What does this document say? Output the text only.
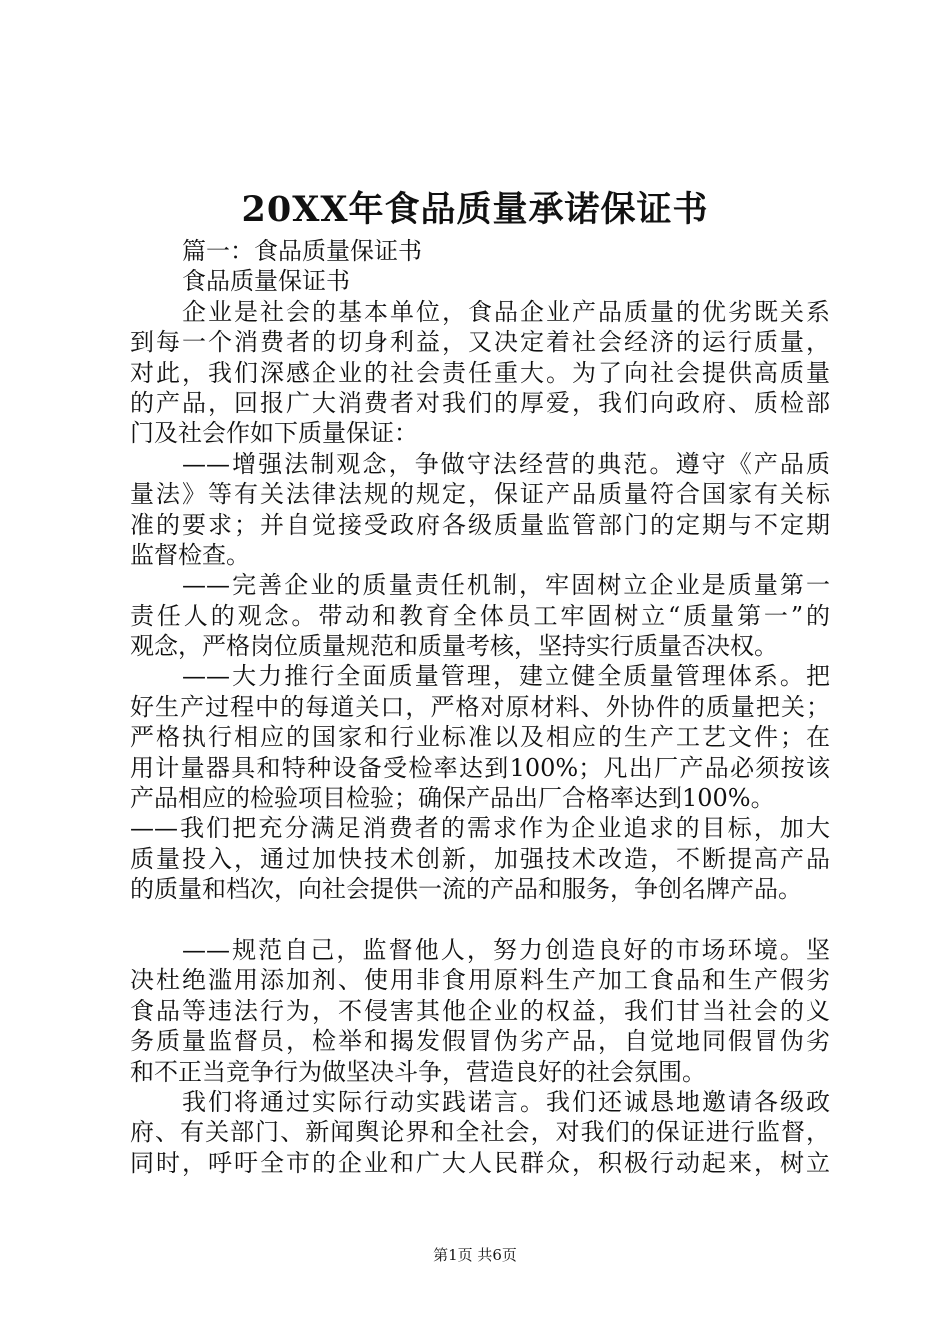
20XX年食品质量承诺保证书
篇一：食品质量保证书
食品质量保证书
企业是社会的基本单位，食品企业产品质量的优劣既关系
到每一个消费者的切身利益，又决定着社会经济的运行质量，
对此，我们深感企业的社会责任重大。为了向社会提供高质量
的产品，回报广大消费者对我们的厚爱，我们向政府、质检部
门及社会作如下质量保证：
——增强法制观念，争做守法经营的典范。遵守《产品质
量法》等有关法律法规的规定，保证产品质量符合国家有关标
准的要求；并自觉接受政府各级质量监管部门的定期与不定期
监督检查。
——完善企业的质量责任机制，牢固树立企业是质量第一
责任人的观念。带动和教育全体员工牢固树立“质量第一”的
观念，严格岗位质量规范和质量考核，坚持实行质量否决权。
——大力推行全面质量管理，建立健全质量管理体系。把
好生产过程中的每道关口，严格对原材料、外协件的质量把关；
严格执行相应的国家和行业标准以及相应的生产工艺文件；在
用计量器具和特种设备受检率达到100%；凡出厂产品必须按该
产品相应的检验项目检验；确保产品出厂合格率达到100%。
——我们把充分满足消费者的需求作为企业追求的目标，加大
质量投入，通过加快技术创新，加强技术改造，不断提高产品
的质量和档次，向社会提供一流的产品和服务，争创名牌产品。
——规范自己，监督他人，努力创造良好的市场环境。坚
决杜绝滥用添加剂、使用非食用原料生产加工食品和生产假劣
食品等违法行为，不侵害其他企业的权益，我们甘当社会的义
务质量监督员，检举和揭发假冒伪劣产品，自觉地同假冒伪劣
和不正当竞争行为做坚决斗争，营造良好的社会氛围。
我们将通过实际行动实践诺言。我们还诚恳地邀请各级政
府、有关部门、新闻舆论界和全社会，对我们的保证进行监督，
同时，呼吁全市的企业和广大人民群众，积极行动起来，树立
第1页 共6页
